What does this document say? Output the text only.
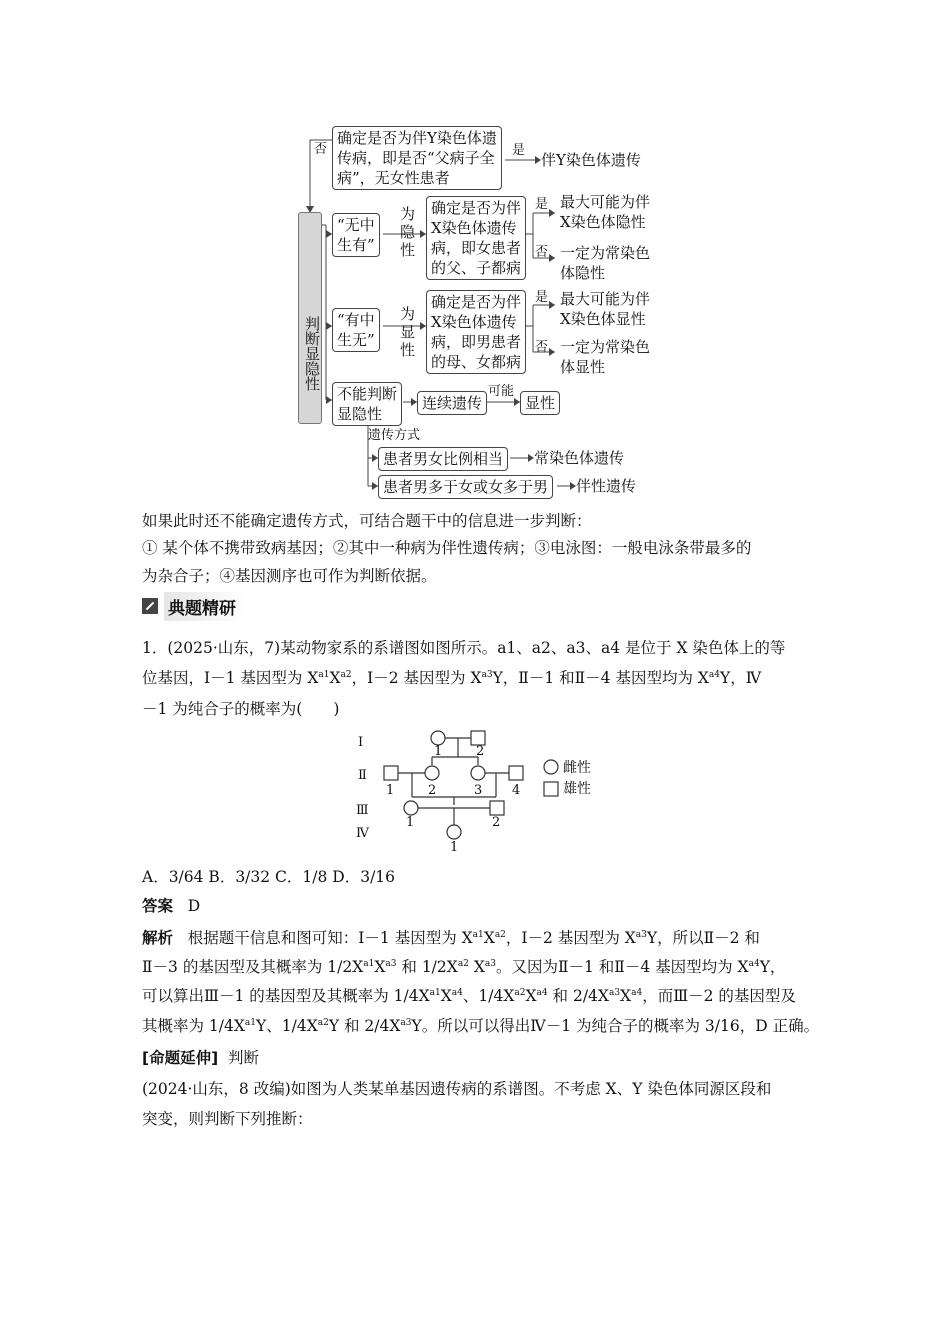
判断显隐性
否
确定是否为伴Y染色体遗
传病，即是否“父病子全
病”，无女性患者
是
伴Y染色体遗传
“无中
生有”
为
隐
性
确定是否为伴
X染色体遗传
病，即女患者
的父、子都病
是 最大可能为伴
X染色体隐性
否 一定为常染色
体隐性
“有中
生无”
为
显
性
确定是否为伴
X染色体遗传
病，即男患者
的母、女都病
是 最大可能为伴
X染色体显性
否 一定为常染色
体显性
不能判断
显隐性
连续遗传
可能
显性
遗传方式
患者男女比例相当	常染色体遗传
患者男多于女或女多于男	伴性遗传
如果此时还不能确定遗传方式，可结合题干中的信息进一步判断：
① 某个体不携带致病基因；②其中一种病为伴性遗传病；③电泳图：一般电泳条带最多的
为杂合子；④基因测序也可作为判断依据。
典题精研
1．(2025·山东，7)某动物家系的系谱图如图所示。a1、a2、a3、a4 是位于 X 染色体上的等
位基因，Ⅰ－1 基因型为 $X^{a1}X^{a2}$，Ⅰ－2 基因型为 $X^{a3}Y$，Ⅱ－1 和Ⅱ－4 基因型均为 $X^{a4}Y$，Ⅳ
－1 为纯合子的概率为(　　)
Ⅰ
Ⅱ
Ⅲ
Ⅳ
1	2
1	2	3 4
1	2
1
雌性
雄性
A．3/64 B．3/32 C．1/8 D．3/16
答案 D
解析 根据题干信息和图可知：Ⅰ－1 基因型为 $X^{a1}X^{a2}$，Ⅰ－2 基因型为 $X^{a3}Y$，所以Ⅱ－2 和
Ⅱ－3 的基因型及其概率为 $1/2X^{a1}X^{a3}$ 和 $1/2X^{a2}$ $X^{a3}$。又因为Ⅱ－1 和Ⅱ－4 基因型均为 $X^{a4}Y$，
可以算出Ⅲ－1 的基因型及其概率为 $1/4X^{a1}X^{a4}$、$1/4X^{a2}X^{a4}$ 和 $2/4X^{a3}X^{a4}$，而Ⅲ－2 的基因型及
其概率为 $1/4X^{a1}Y$、$1/4X^{a2}Y$ 和 $2/4X^{a3}Y$。所以可以得出Ⅳ－1 为纯合子的概率为 3/16，D 正确。
[命题延伸] 判断
(2024·山东，8 改编)如图为人类某单基因遗传病的系谱图。不考虑 X、Y 染色体同源区段和
突变，则判断下列推断：
